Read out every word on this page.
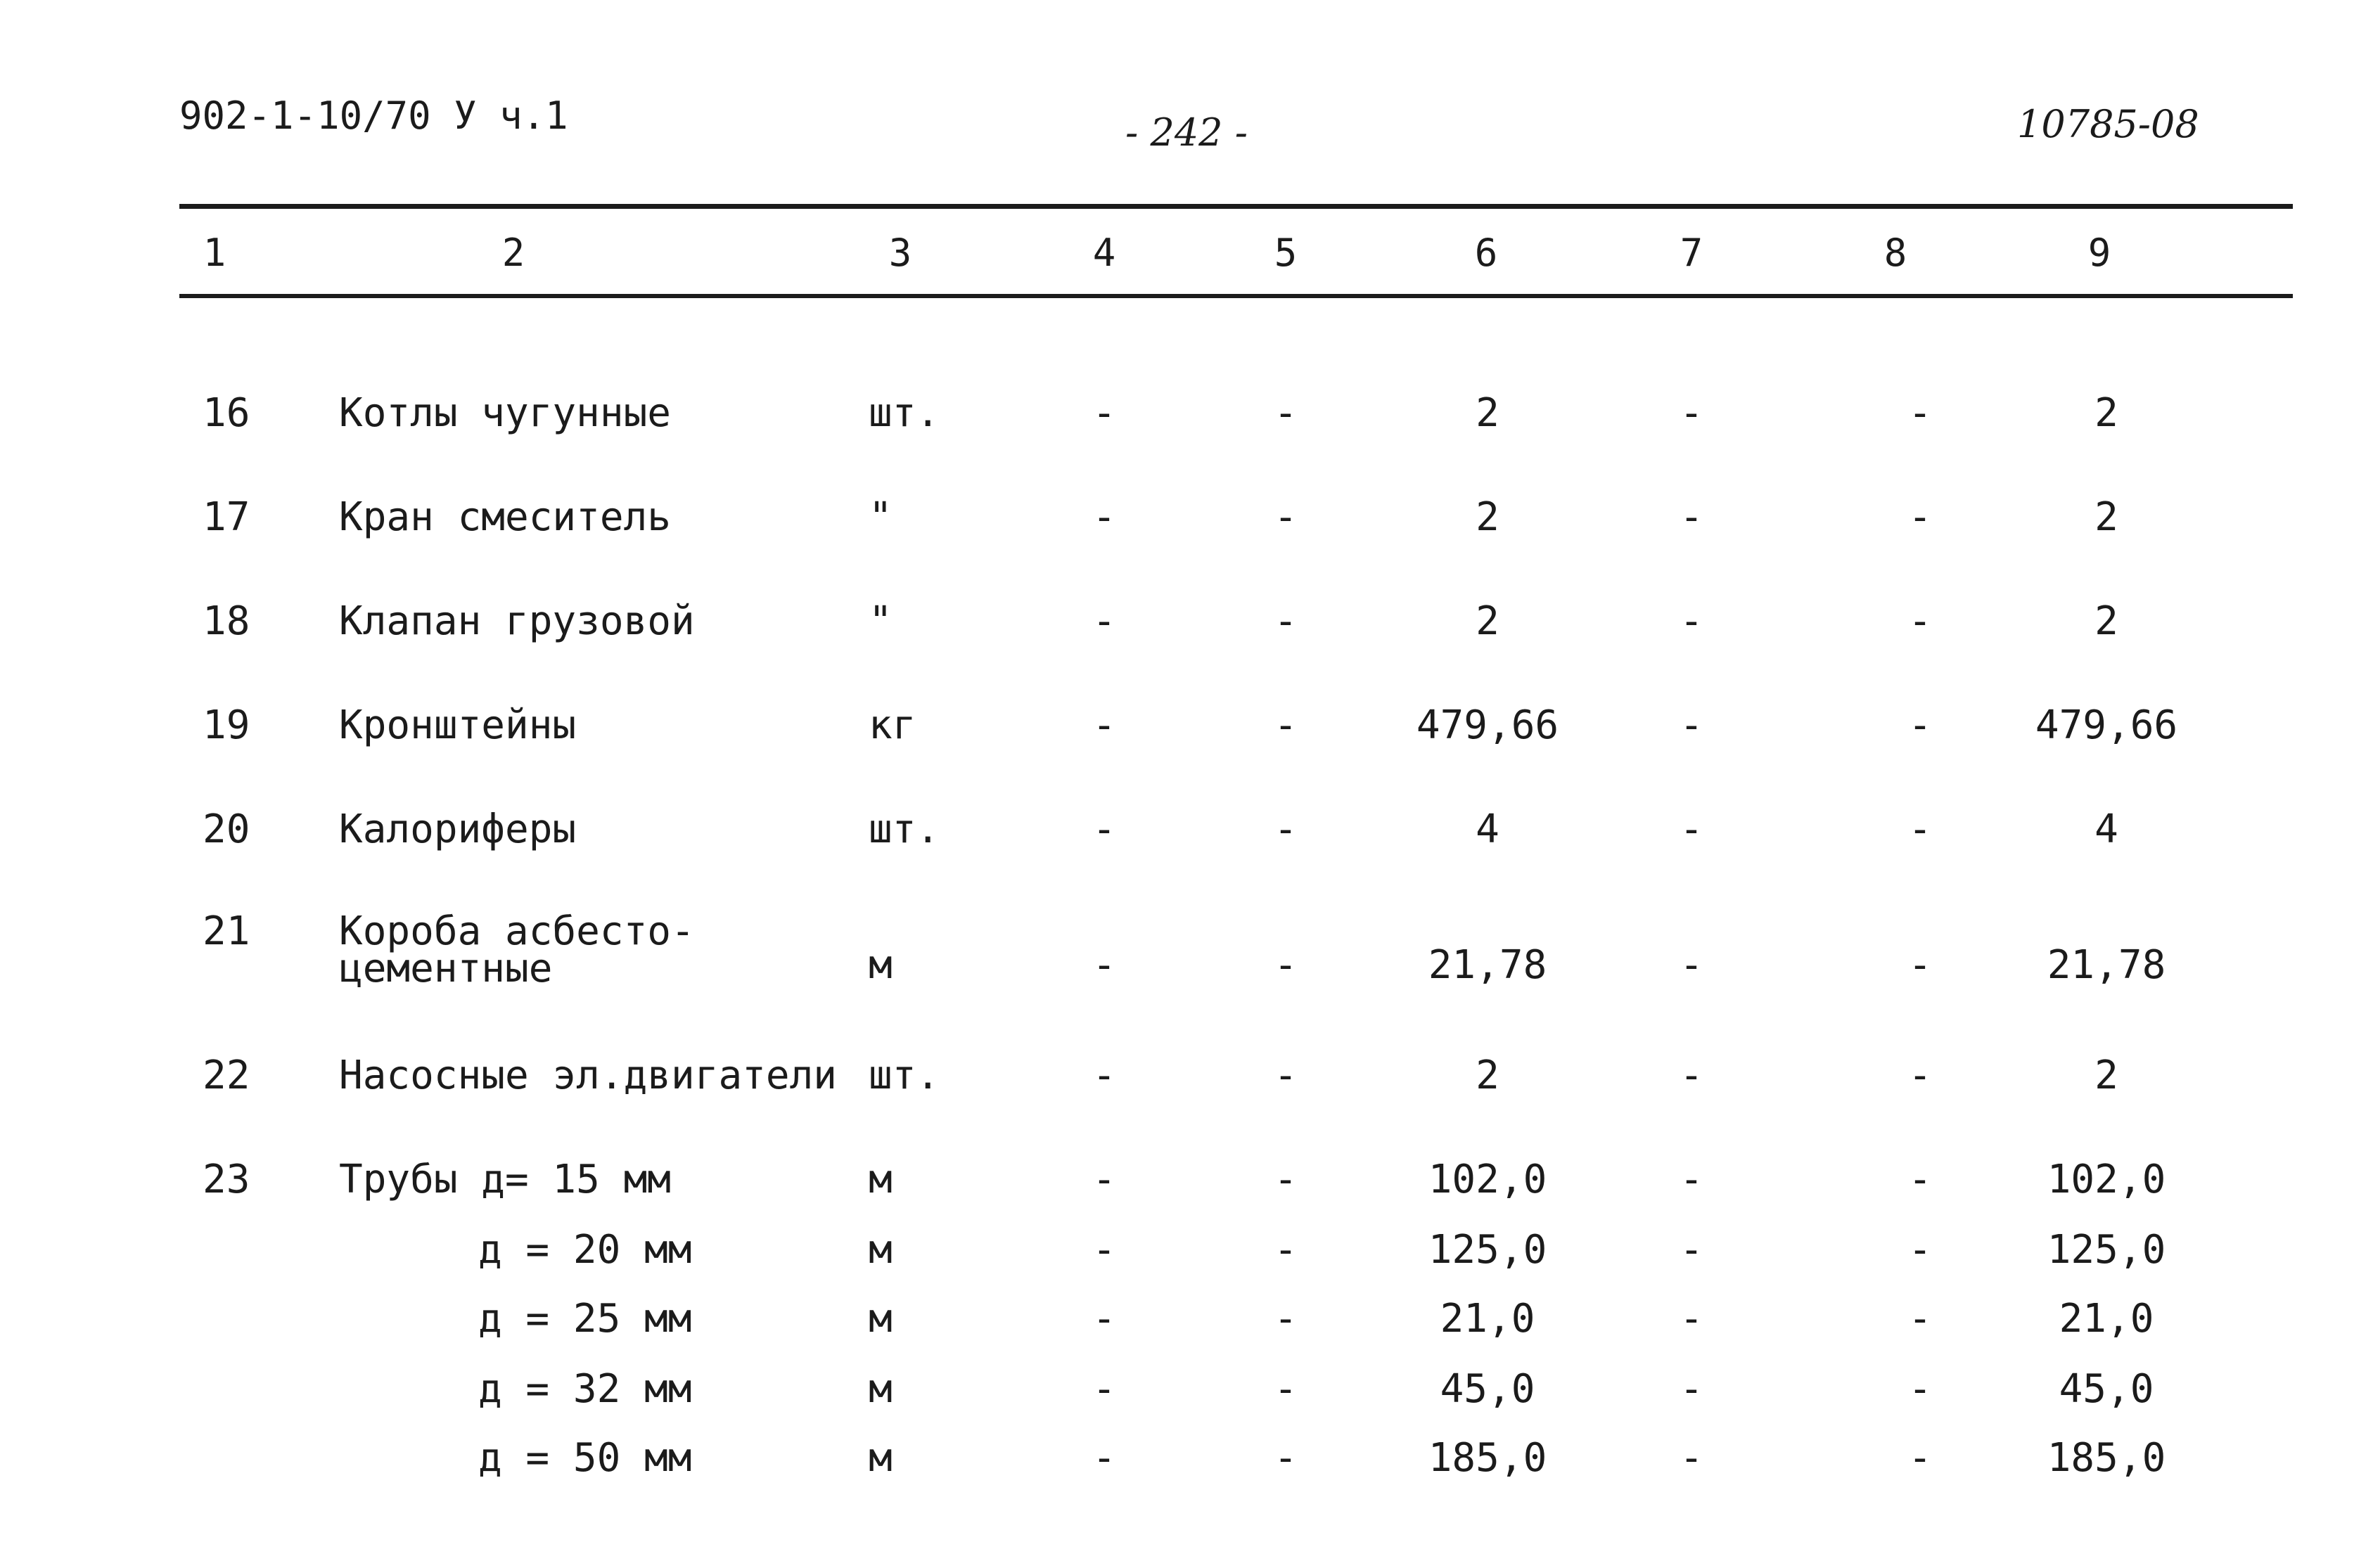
902-1-10/70 У ч.1	- 242 -	10785-08
1	2	3	4	5	6	7	8	9
16 Котлы чугунные	шт.	-	-	2	-	-	2
17 Кран смеситель	"	-	-	2	-	-	2
18 Клапан грузовой	"	-	-	2	-	-	2
19 Кронштейны	кг	-	-	479,66	-	-	479,66
20 Калориферы	шт.	-	-	4	-	-	4
21 Короба асбесто-
цементные	м	-	-	21,78	-	-	21,78
22 Насосные эл.двигатели шт.	-	-	2	-	-	2
23 Трубы д= 15 мм	м	-	-	102,0	-	-	102,0
д = 20 мм	м	-	-	125,0	-	-	125,0
д = 25 мм	м	-	-	21,0	-	-	21,0
д = 32 мм	м	-	-	45,0	-	-	45,0
д = 50 мм	м	-	-	185,0	-	-	185,0
